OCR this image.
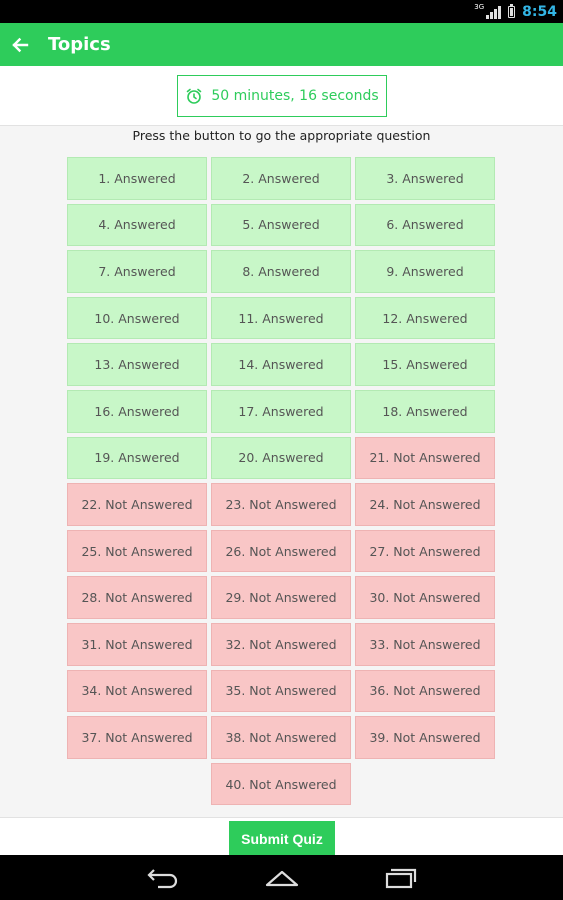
3G	8:54
Topics
50 minutes, 16 seconds
Press the button to go the appropriate question
1. Answered	2. Answered	3. Answered
4. Answered	5. Answered	6. Answered
7. Answered	8. Answered	9. Answered
10. Answered	11. Answered	12. Answered
13. Answered	14. Answered	15. Answered
16. Answered	17. Answered	18. Answered
19. Answered	20. Answered	21. Not Answered
22. Not Answered	23. Not Answered	24. Not Answered
25. Not Answered	26. Not Answered	27. Not Answered
28. Not Answered	29. Not Answered	30. Not Answered
31. Not Answered	32. Not Answered	33. Not Answered
34. Not Answered	35. Not Answered	36. Not Answered
37. Not Answered	38. Not Answered	39. Not Answered
40. Not Answered
Submit Quiz
